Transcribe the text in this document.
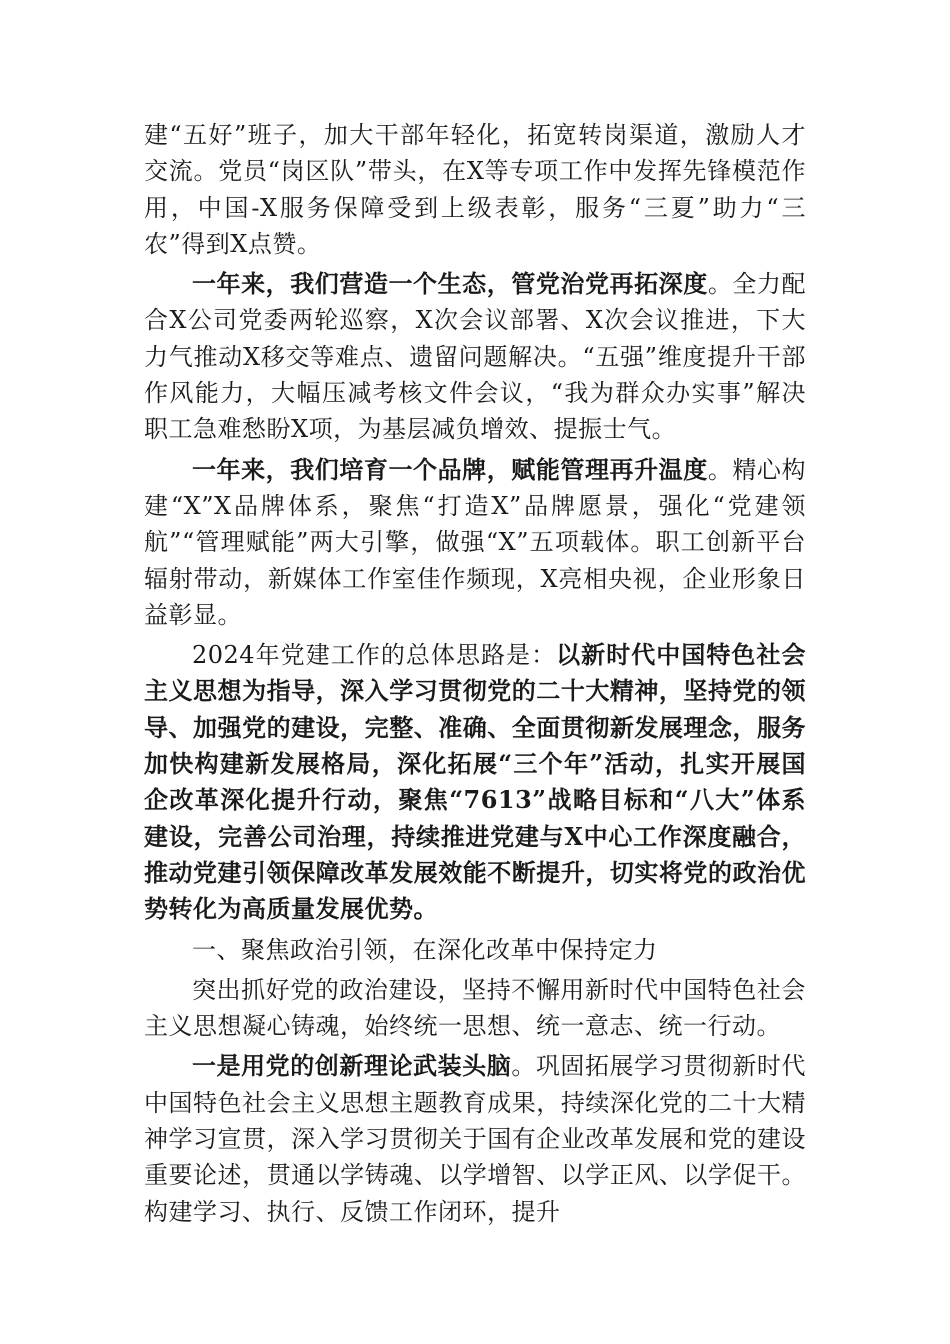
建“五好”班子，加大干部年轻化，拓宽转岗渠道，激励人才交流。党员“岗区队”带头，在X等专项工作中发挥先锋模范作用，中国-X服务保障受到上级表彰，服务“三夏”助力“三农”得到X点赞。

一年来，我们营造一个生态，管党治党再拓深度。全力配合X公司党委两轮巡察，X次会议部署、X次会议推进，下大力气推动X移交等难点、遗留问题解决。“五强”维度提升干部作风能力，大幅压减考核文件会议，“我为群众办实事”解决职工急难愁盼X项，为基层减负增效、提振士气。

一年来，我们培育一个品牌，赋能管理再升温度。精心构建“X”X品牌体系，聚焦“打造X”品牌愿景，强化“党建领航”“管理赋能”两大引擎，做强“X”五项载体。职工创新平台辐射带动，新媒体工作室佳作频现，X亮相央视，企业形象日益彰显。

2024年党建工作的总体思路是：以新时代中国特色社会主义思想为指导，深入学习贯彻党的二十大精神，坚持党的领导、加强党的建设，完整、准确、全面贯彻新发展理念，服务加快构建新发展格局，深化拓展“三个年”活动，扎实开展国企改革深化提升行动，聚焦“7613”战略目标和“八大”体系建设，完善公司治理，持续推进党建与X中心工作深度融合，推动党建引领保障改革发展效能不断提升，切实将党的政治优势转化为高质量发展优势。

一、聚焦政治引领，在深化改革中保持定力

突出抓好党的政治建设，坚持不懈用新时代中国特色社会主义思想凝心铸魂，始终统一思想、统一意志、统一行动。

一是用党的创新理论武装头脑。巩固拓展学习贯彻新时代中国特色社会主义思想主题教育成果，持续深化党的二十大精神学习宣贯，深入学习贯彻关于国有企业改革发展和党的建设重要论述，贯通以学铸魂、以学增智、以学正风、以学促干。构建学习、执行、反馈工作闭环，提升
